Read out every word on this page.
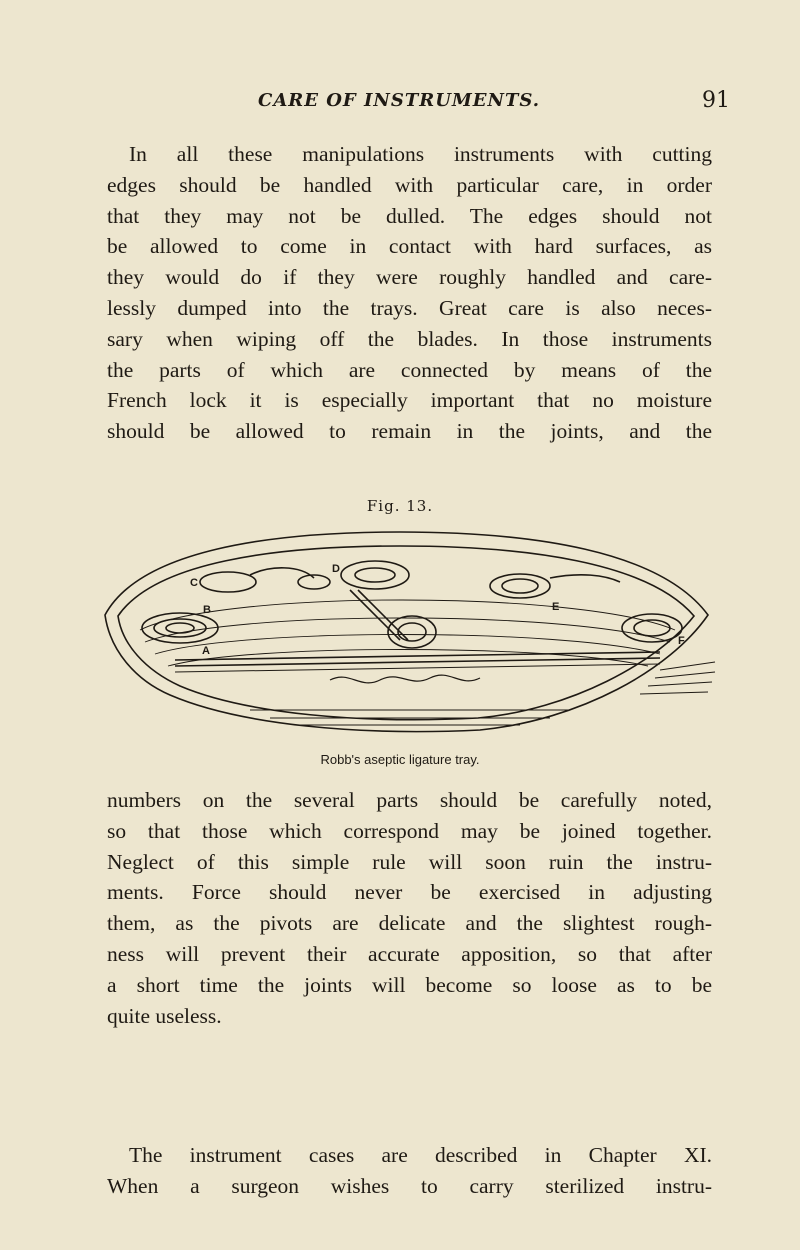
CARE OF INSTRUMENTS.	91
In all these manipulations instruments with cutting
edges should be handled with particular care, in order
that they may not be dulled. The edges should not
be allowed to come in contact with hard surfaces, as
they would do if they were roughly handled and care-
lessly dumped into the trays. Great care is also neces-
sary when wiping off the blades. In those instruments
the parts of which are connected by means of the
French lock it is especially important that no moisture
should be allowed to remain in the joints, and the
Fig. 13.
A
B
C
D
E
F
Robb's aseptic ligature tray.
numbers on the several parts should be carefully noted,
so that those which correspond may be joined together.
Neglect of this simple rule will soon ruin the instru-
ments. Force should never be exercised in adjusting
them, as the pivots are delicate and the slightest rough-
ness will prevent their accurate apposition, so that after
a short time the joints will become so loose as to be
quite useless.
The instrument cases are described in Chapter XI.
When a surgeon wishes to carry sterilized instru-
